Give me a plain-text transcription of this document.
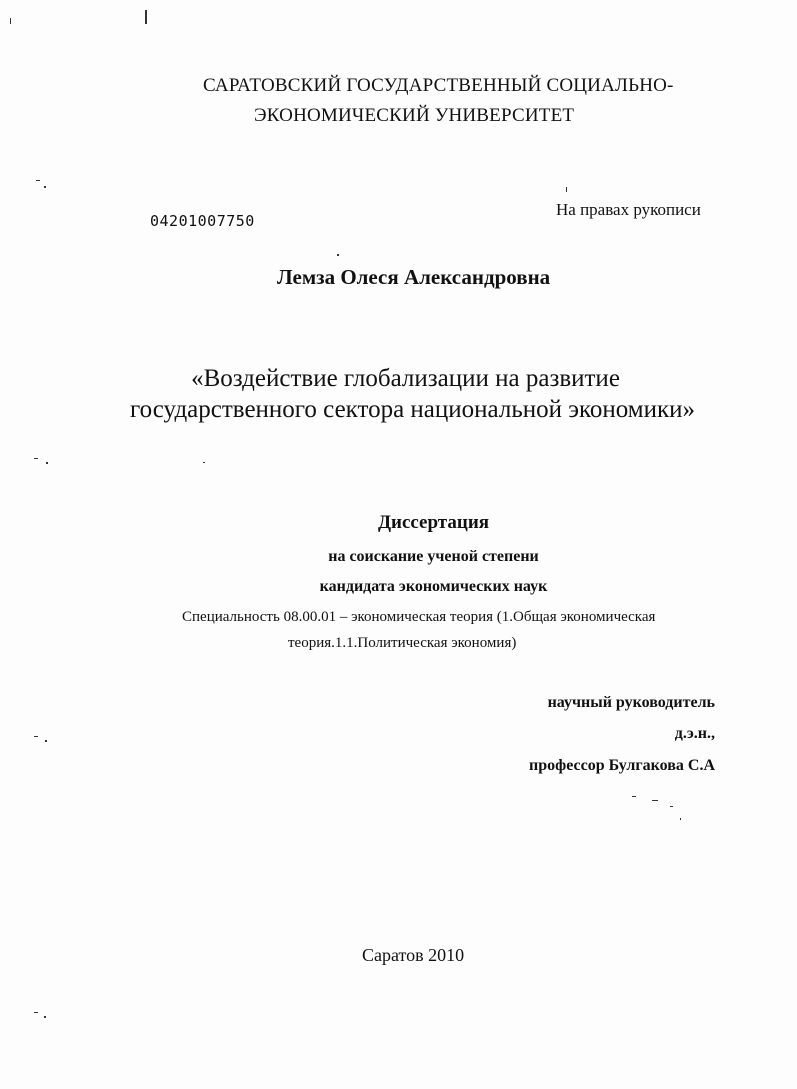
САРАТОВСКИЙ ГОСУДАРСТВЕННЫЙ СОЦИАЛЬНО-
ЭКОНОМИЧЕСКИЙ УНИВЕРСИТЕТ
04201007750
На правах рукописи
Лемза Олеся Александровна
«Воздействие глобализации на развитие
государственного сектора национальной экономики»
Диссертация
на соискание ученой степени
кандидата экономических наук
Специальность 08.00.01 – экономическая теория (1.Общая экономическая
теория.1.1.Политическая экономия)
научный руководитель
д.э.н.,
профессор Булгакова С.А
Саратов 2010
